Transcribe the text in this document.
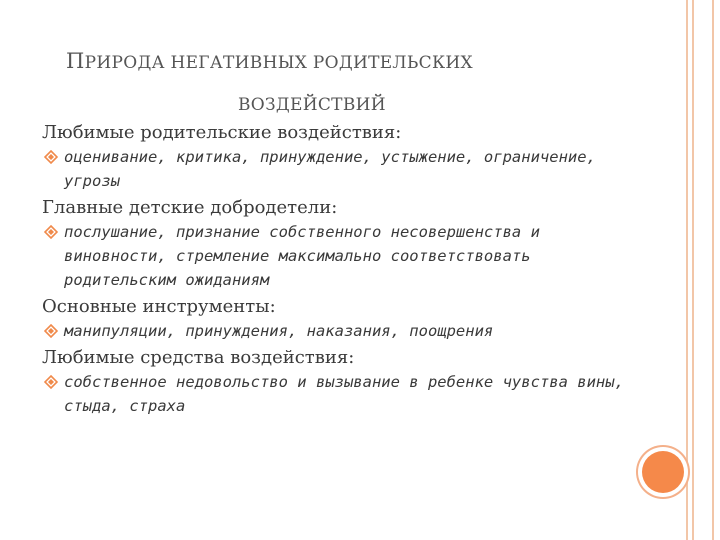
ПРИРОДА НЕГАТИВНЫХ РОДИТЕЛЬСКИХ
ВОЗДЕЙСТВИЙ

Любимые родительские воздействия:

оценивание, критика, принуждение, устыжение, ограничение, угрозы

Главные детские добродетели:

послушание, признание собственного несовершенства и виновности, стремление максимально соответствовать родительским ожиданиям

Основные инструменты:

манипуляции, принуждения, наказания, поощрения

Любимые средства воздействия:

собственное недовольство и вызывание в ребенке чувства вины, стыда, страха
